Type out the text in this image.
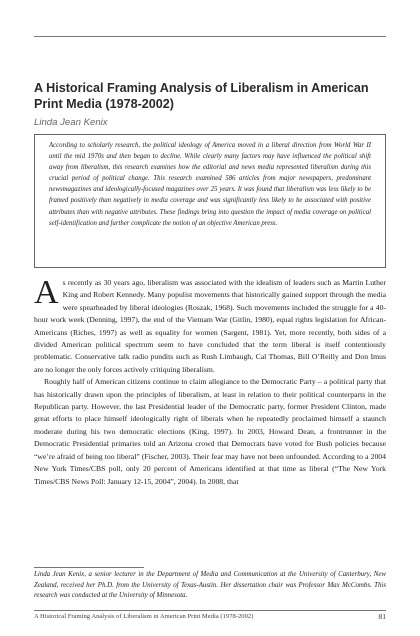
A Historical Framing Analysis of Liberalism in American Print Media (1978-2002)
Linda Jean Kenix
According to scholarly research, the political ideology of America moved in a liberal direction from World War II until the mid 1970s and then began to decline. While clearly many factors may have influenced the political shift away from liberalism, this research examines how the editorial and news media represented liberalism during this crucial period of political change. This research examined 586 articles from major newspapers, predominant newsmagazines and ideologically-focused magazines over 25 years. It was found that liberalism was less likely to be framed positively than negatively in media coverage and was significantly less likely to be associated with positive attributes than with negative attributes. These findings bring into question the impact of media coverage on political self-identification and further complicate the notion of an objective American press.

As recently as 30 years ago, liberalism was associated with the idealism of leaders such as Martin Luther King and Robert Kennedy. Many populist movements that historically gained support through the media were spearheaded by liberal ideologies (Roszak, 1968). Such movements included the struggle for a 40-hour work week (Denning, 1997), the end of the Vietnam War (Gitlin, 1980), equal rights legislation for African-Americans (Riches, 1997) as well as equality for women (Sargent, 1981). Yet, more recently, both sides of a divided American political spectrum seem to have concluded that the term liberal is itself contentiously problematic. Conservative talk radio pundits such as Rush Limbaugh, Cal Thomas, Bill O’Reilly and Don Imus are no longer the only forces actively critiquing liberalism.

Roughly half of American citizens continue to claim allegiance to the Democratic Party – a political party that has historically drawn upon the principles of liberalism, at least in relation to their political counterparts in the Republican party. However, the last Presidential leader of the Democratic party, former President Clinton, made great efforts to place himself ideologically right of liberals when he repeatedly proclaimed himself a staunch moderate during his two democratic elections (King, 1997). In 2003, Howard Dean, a frontrunner in the Democratic Presidential primaries told an Arizona crowd that Democrats have voted for Bush policies because “we’re afraid of being too liberal” (Fischer, 2003). Their fear may have not been unfounded. According to a 2004 New York Times/CBS poll, only 20 percent of Americans identified at that time as liberal (“The New York Times/CBS News Poll: January 12-15, 2004”, 2004). In 2008, that

Linda Jean Kenix, a senior lecturer in the Department of Media and Communication at the University of Canterbury, New Zealand, received her Ph.D. from the University of Texas-Austin. Her dissertation chair was Professor Max McCombs. This research was conducted at the University of Minnesota.
A Historical Framing Analysis of Liberalism in American Print Media (1978-2002)	81
